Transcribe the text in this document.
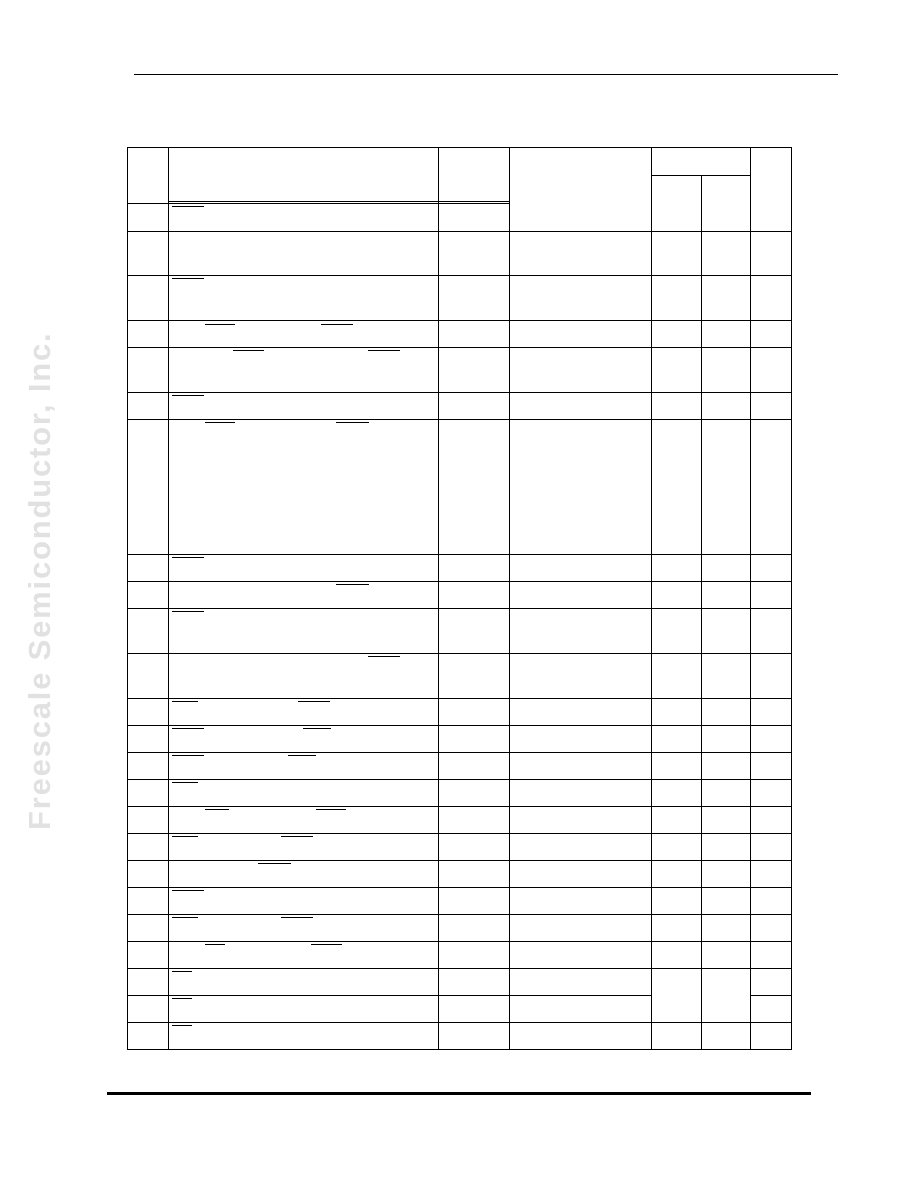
Freescale Semiconductor, Inc.
